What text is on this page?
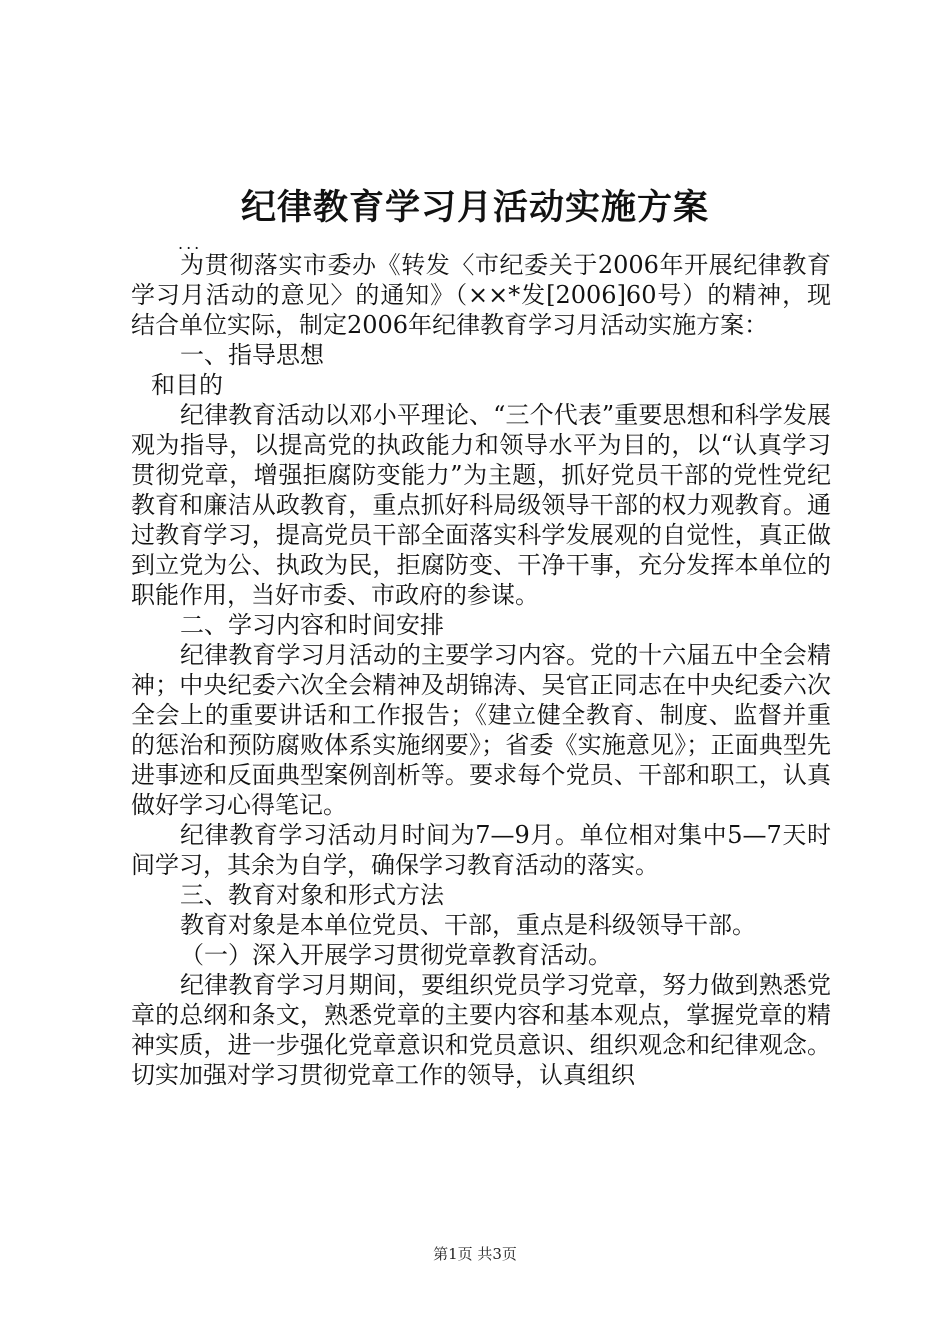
纪律教育学习月活动实施方案

...

为贯彻落实市委办《转发〈市纪委关于2006年开展纪律教育学习月活动的意见〉的通知》（××*发[2006]60号）的精神，现结合单位实际，制定2006年纪律教育学习月活动实施方案：

一、指导思想

和目的

纪律教育活动以邓小平理论、“三个代表”重要思想和科学发展观为指导，以提高党的执政能力和领导水平为目的，以“认真学习贯彻党章，增强拒腐防变能力”为主题，抓好党员干部的党性党纪教育和廉洁从政教育，重点抓好科局级领导干部的权力观教育。通过教育学习，提高党员干部全面落实科学发展观的自觉性，真正做到立党为公、执政为民，拒腐防变、干净干事，充分发挥本单位的职能作用，当好市委、市政府的参谋。

二、学习内容和时间安排

纪律教育学习月活动的主要学习内容。党的十六届五中全会精神；中央纪委六次全会精神及胡锦涛、吴官正同志在中央纪委六次全会上的重要讲话和工作报告；《建立健全教育、制度、监督并重的惩治和预防腐败体系实施纲要》；省委《实施意见》；正面典型先进事迹和反面典型案例剖析等。要求每个党员、干部和职工，认真做好学习心得笔记。

纪律教育学习活动月时间为7—9月。单位相对集中5—7天时间学习，其余为自学，确保学习教育活动的落实。

三、教育对象和形式方法

教育对象是本单位党员、干部，重点是科级领导干部。

（一）深入开展学习贯彻党章教育活动。

纪律教育学习月期间，要组织党员学习党章，努力做到熟悉党章的总纲和条文，熟悉党章的主要内容和基本观点，掌握党章的精神实质，进一步强化党章意识和党员意识、组织观念和纪律观念。切实加强对学习贯彻党章工作的领导，认真组织

第1页 共3页
